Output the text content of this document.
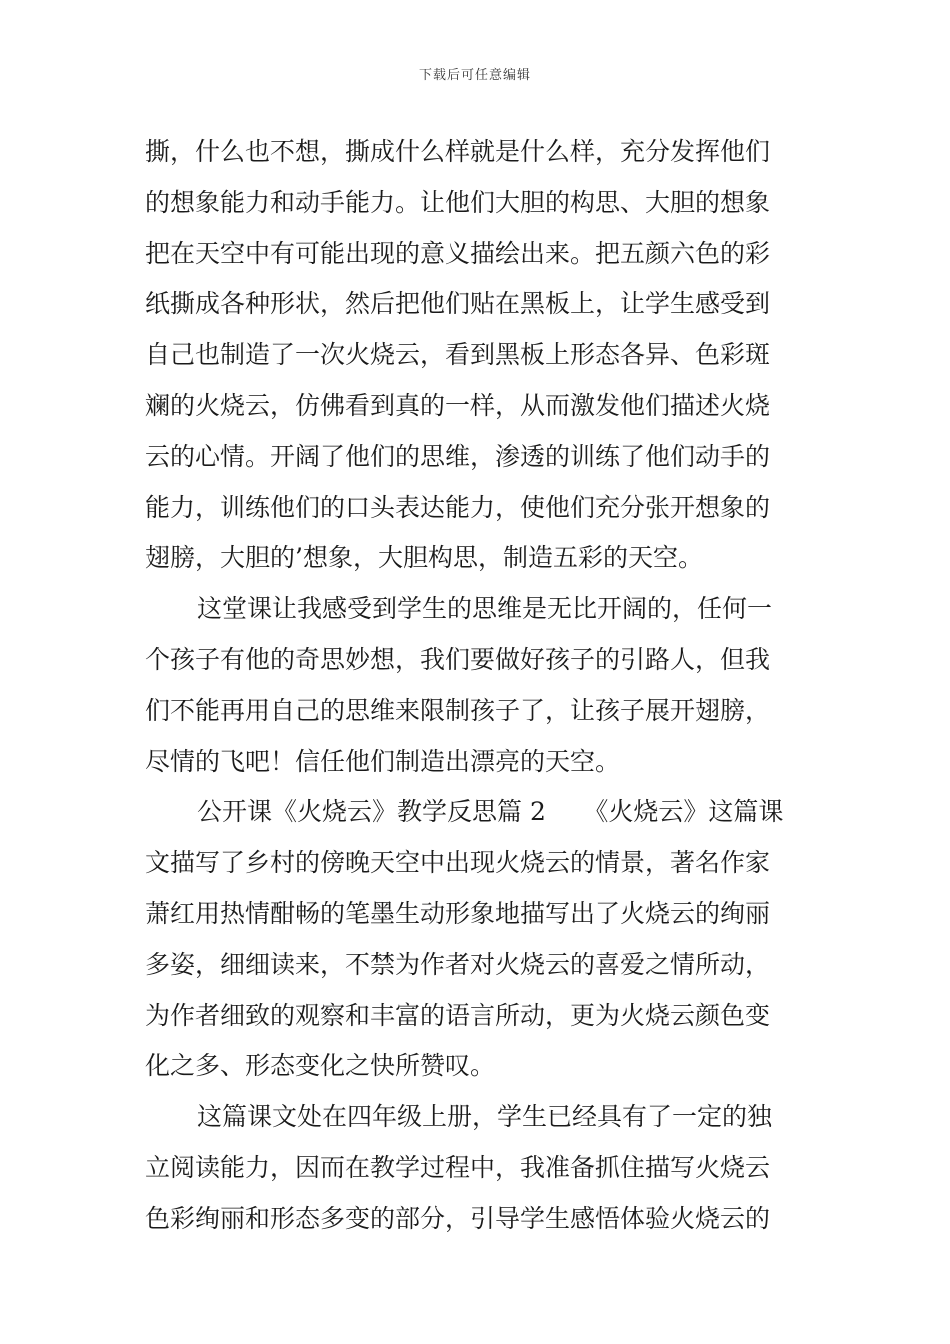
下载后可任意编辑
撕，什么也不想，撕成什么样就是什么样，充分发挥他们
的想象能力和动手能力。让他们大胆的构思、大胆的想象
把在天空中有可能出现的意义描绘出来。把五颜六色的彩
纸撕成各种形状，然后把他们贴在黑板上，让学生感受到
自己也制造了一次火烧云，看到黑板上形态各异、色彩斑
斓的火烧云，仿佛看到真的一样，从而激发他们描述火烧
云的心情。开阔了他们的思维，渗透的训练了他们动手的
能力，训练他们的口头表达能力，使他们充分张开想象的
翅膀，大胆的’想象，大胆构思，制造五彩的天空。
这堂课让我感受到学生的思维是无比开阔的，任何一
个孩子有他的奇思妙想，我们要做好孩子的引路人，但我
们不能再用自己的思维来限制孩子了，让孩子展开翅膀，
尽情的飞吧！信任他们制造出漂亮的天空。
公开课《火烧云》教学反思篇 2　　《火烧云》这篇课
文描写了乡村的傍晚天空中出现火烧云的情景，著名作家
萧红用热情酣畅的笔墨生动形象地描写出了火烧云的绚丽
多姿，细细读来，不禁为作者对火烧云的喜爱之情所动，
为作者细致的观察和丰富的语言所动，更为火烧云颜色变
化之多、形态变化之快所赞叹。
这篇课文处在四年级上册，学生已经具有了一定的独
立阅读能力，因而在教学过程中，我准备抓住描写火烧云
色彩绚丽和形态多变的部分，引导学生感悟体验火烧云的
